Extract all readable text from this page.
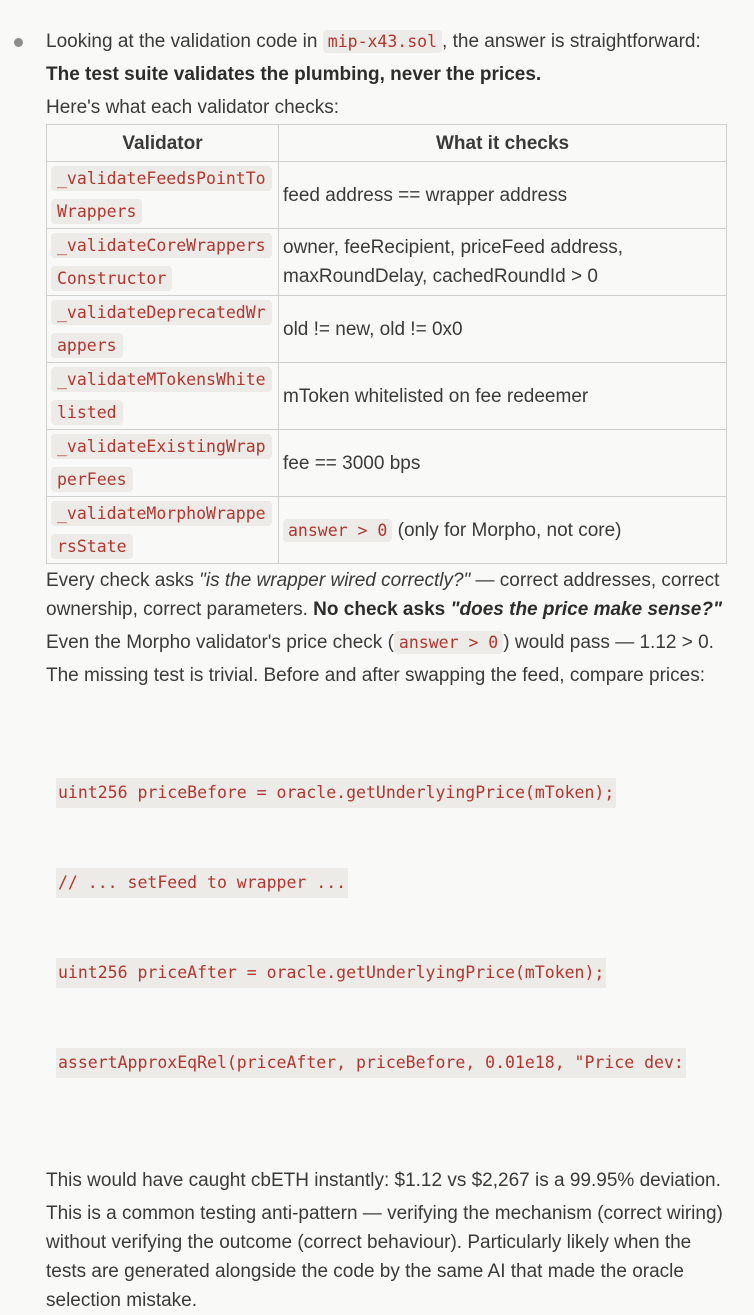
Looking at the validation code in mip-x43.sol , the answer is straightforward:

The test suite validates the plumbing, never the prices.

Here's what each validator checks:

Validator	What it checks

_validateFeedsPointToWrappers	feed address == wrapper address

_validateCoreWrappersConstructor	owner, feeRecipient, priceFeed address, maxRoundDelay, cachedRoundId > 0

_validateDeprecatedWrappers	old != new, old != 0x0

_validateMTokensWhitelisted	mToken whitelisted on fee redeemer

_validateExistingWrapperFees	fee == 3000 bps

_validateMorphoWrappersState	answer > 0 (only for Morpho, not core)

Every check asks "is the wrapper wired correctly?" — correct addresses, correct ownership, correct parameters. No check asks "does the price make sense?"

Even the Morpho validator's price check ( answer > 0 ) would pass — 1.12 > 0.

The missing test is trivial. Before and after swapping the feed, compare prices:

uint256 priceBefore = oracle.getUnderlyingPrice(mToken);

// ... setFeed to wrapper ...

uint256 priceAfter = oracle.getUnderlyingPrice(mToken);

assertApproxEqRel(priceAfter, priceBefore, 0.01e18, "Price dev:

This would have caught cbETH instantly: $1.12 vs $2,267 is a 99.95% deviation.

This is a common testing anti-pattern — verifying the mechanism (correct wiring) without verifying the outcome (correct behaviour). Particularly likely when the tests are generated alongside the code by the same AI that made the oracle selection mistake.
